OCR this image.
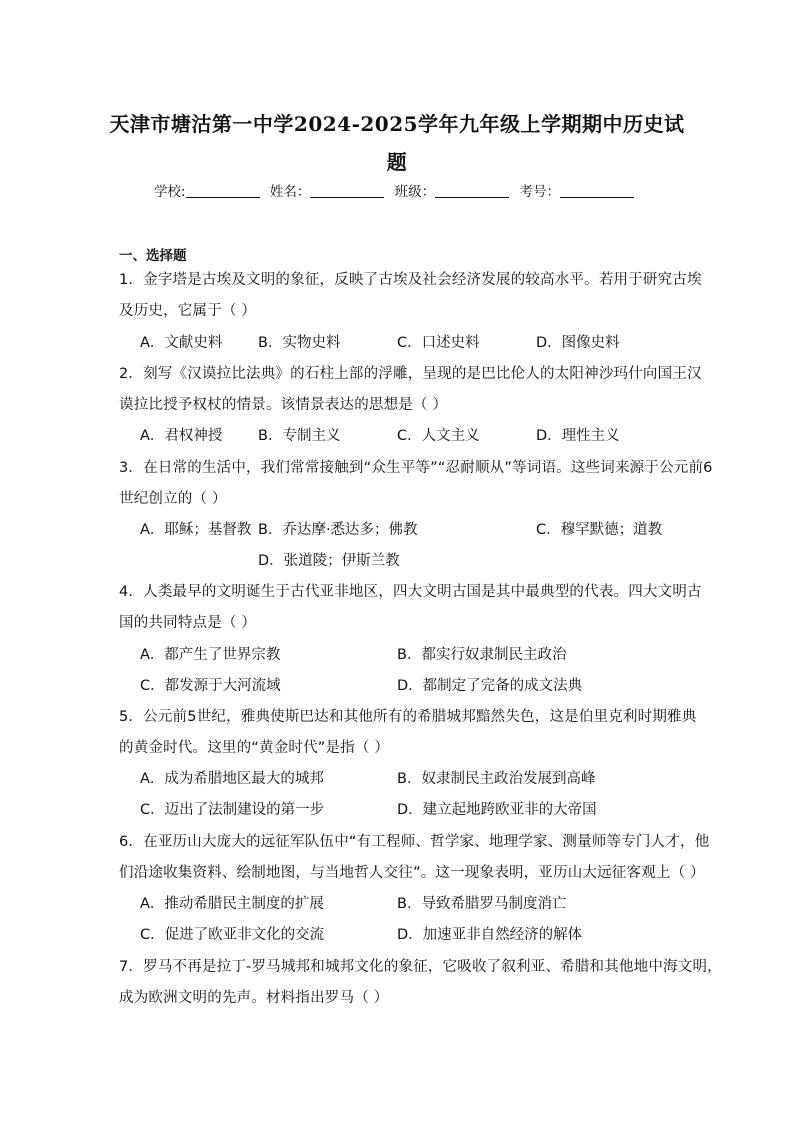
天津市塘沽第一中学2024-2025学年九年级上学期期中历史试
题
学校:	姓名：	班级：	考号：
一、选择题
1．金字塔是古埃及文明的象征，反映了古埃及社会经济发展的较高水平。若用于研究古埃
及历史，它属于（ ）
A．文献史料 B．实物史料	C．口述史料	D．图像史料
2．刻写《汉谟拉比法典》的石柱上部的浮雕，呈现的是巴比伦人的太阳神沙玛什向国王汉
谟拉比授予权杖的情景。该情景表达的思想是（ ）
A．君权神授 B．专制主义	C．人文主义	D．理性主义
3．在日常的生活中，我们常常接触到“众生平等”“忍耐顺从”等词语。这些词来源于公元前6
世纪创立的（ ）
A．耶稣；基督教 B．乔达摩·悉达多；佛教	C．穆罕默德；道教
D．张道陵；伊斯兰教
4．人类最早的文明诞生于古代亚非地区，四大文明古国是其中最典型的代表。四大文明古
国的共同特点是（ ）
A．都产生了世界宗教	B．都实行奴隶制民主政治
C．都发源于大河流域	D．都制定了完备的成文法典
5．公元前5世纪，雅典使斯巴达和其他所有的希腊城邦黯然失色，这是伯里克利时期雅典
的黄金时代。这里的“黄金时代”是指（ ）
A．成为希腊地区最大的城邦	B．奴隶制民主政治发展到高峰
C．迈出了法制建设的第一步	D．建立起地跨欧亚非的大帝国
6．在亚历山大庞大的远征军队伍中“有工程师、哲学家、地理学家、测量师等专门人才，他
们沿途收集资料、绘制地图，与当地哲人交往”。这一现象表明，亚历山大远征客观上（ ）
A．推动希腊民主制度的扩展	B．导致希腊罗马制度消亡
C．促进了欧亚非文化的交流	D．加速亚非自然经济的解体
7．罗马不再是拉丁-罗马城邦和城邦文化的象征，它吸收了叙利亚、希腊和其他地中海文明，
成为欧洲文明的先声。材料指出罗马（ ）
